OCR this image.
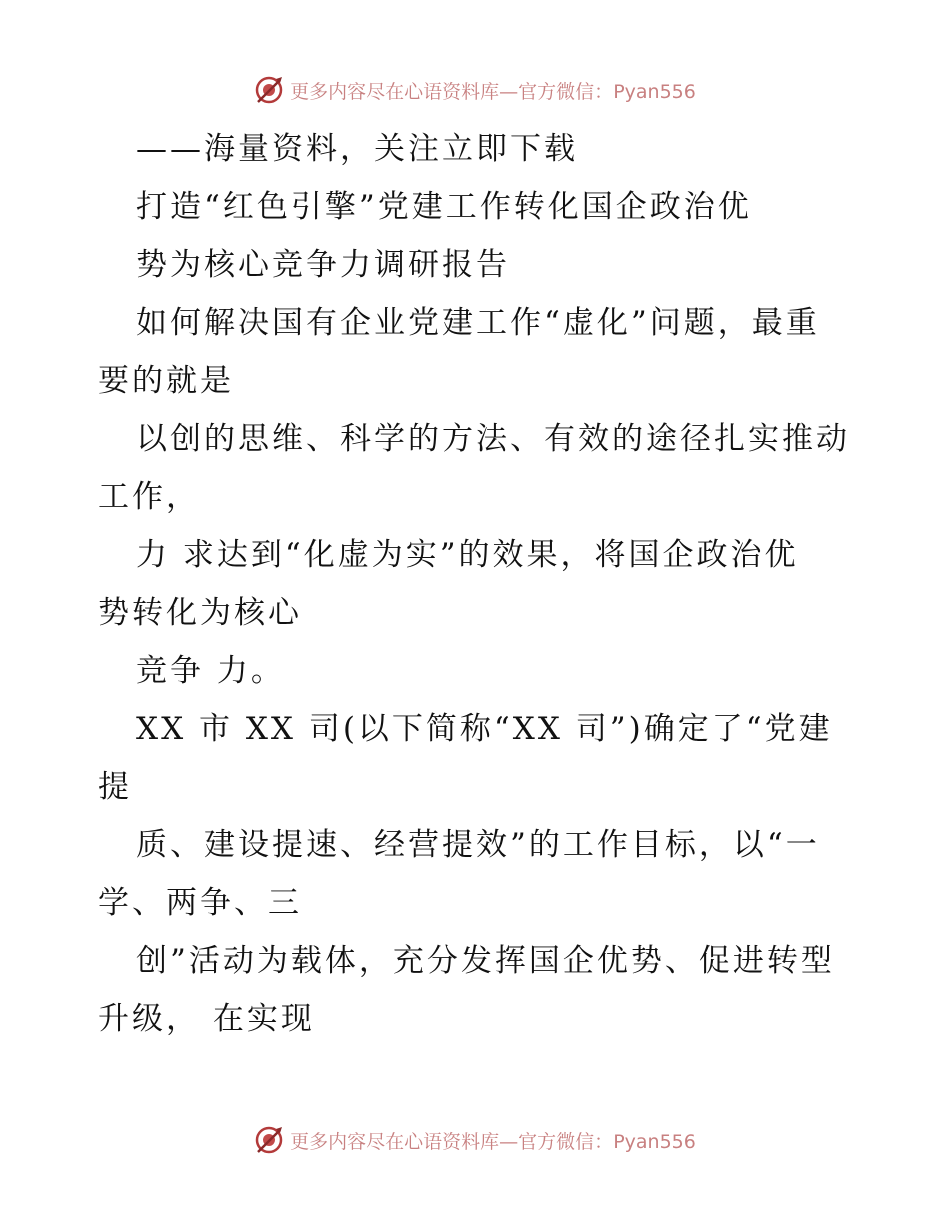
更多内容尽在心语资料库—官方微信：Pyan556
——海量资料，关注立即下载
打造“红色引擎”党建工作转化国企政治优
势为核心竞争力调研报告
如何解决国有企业党建工作“虚化”问题，最重
要的就是
以创的思维、科学的方法、有效的途径扎实推动
工作，
力 求达到“化虚为实”的效果，将国企政治优
势转化为核心
竞争 力。
XX 市 XX 司(以下简称“XX 司”)确定了“党建
提
质、建设提速、经营提效”的工作目标，以“一
学、两争、三
创”活动为载体，充分发挥国企优势、促进转型
升级， 在实现
更多内容尽在心语资料库—官方微信：Pyan556
